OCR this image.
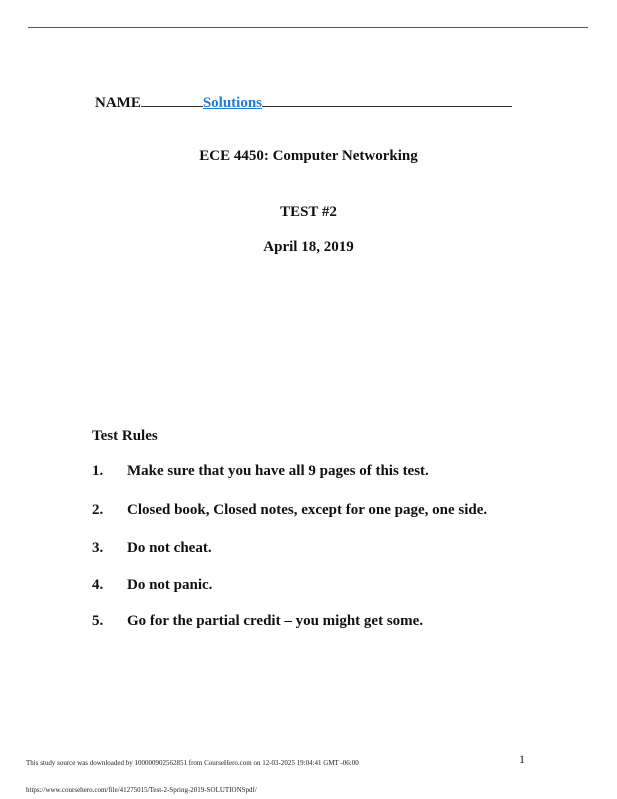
NAME	Solutions
ECE 4450: Computer Networking
TEST #2
April 18, 2019
Test Rules
1. Make sure that you have all 9 pages of this test.
2. Closed book, Closed notes, except for one page, one side.
3. Do not cheat.
4. Do not panic.
5. Go for the partial credit – you might get some.
This study source was downloaded by 100000902562851 from CourseHero.com on 12-03-2025 19:04:41 GMT -06:00
https://www.coursehero.com/file/41275015/Test-2-Spring-2019-SOLUTIONSpdf/
1
